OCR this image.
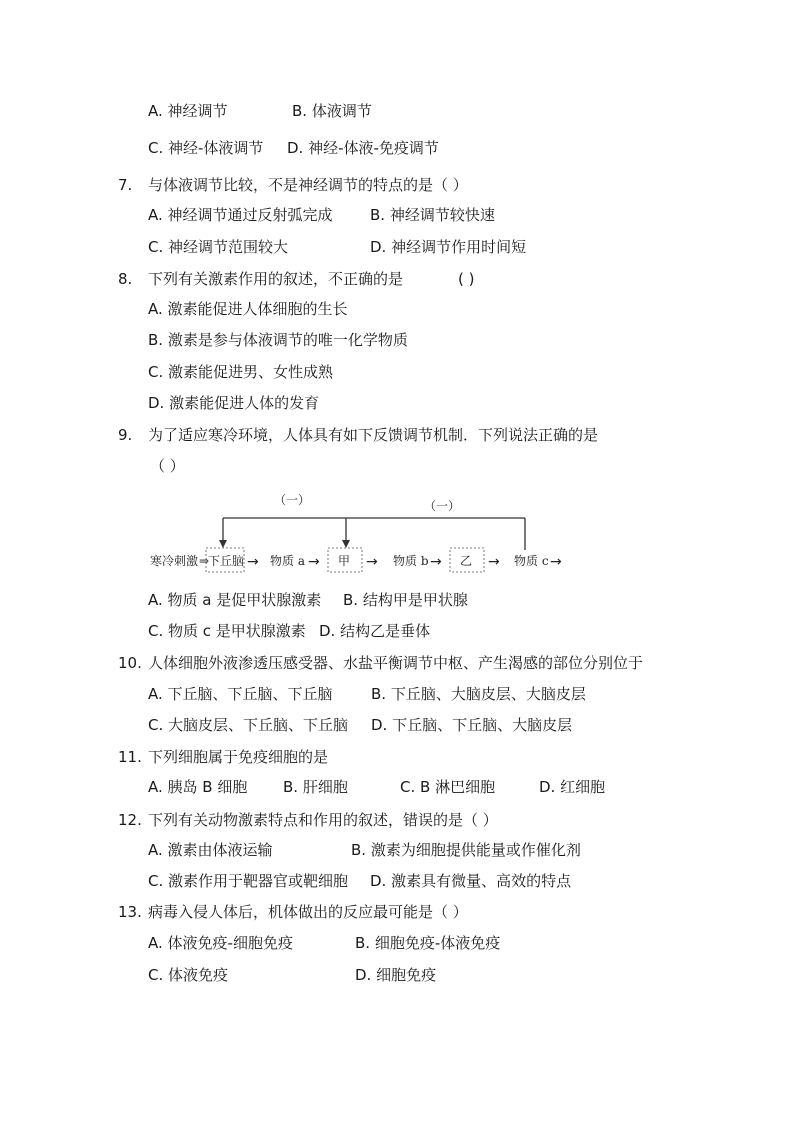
A. 神经调节	B. 体液调节
C. 神经-体液调节 D. 神经-体液-免疫调节
7. 与体液调节比较，不是神经调节的特点的是（ ）
A. 神经调节通过反射弧完成 B. 神经调节较快速
C. 神经调节范围较大	D. 神经调节作用时间短
8. 下列有关激素作用的叙述，不正确的是	( )
A. 激素能促进人体细胞的生长
B. 激素是参与体液调节的唯一化学物质
C. 激素能促进男、女性成熟
D. 激素能促进人体的发育
9. 为了适应寒冷环境，人体具有如下反馈调节机制．下列说法正确的是
（ ）
（一）	（一）
寒冷刺激 ⇒
下丘脑 物质 a	甲	物质 b	乙	物质 c
→	→	→	→	→	→
A. 物质 a 是促甲状腺激素 B. 结构甲是甲状腺
C. 物质 c 是甲状腺激素 D. 结构乙是垂体
10. 人体细胞外液渗透压感受器、水盐平衡调节中枢、产生渴感的部位分别位于
A. 下丘脑、下丘脑、下丘脑	B. 下丘脑、大脑皮层、大脑皮层
C. 大脑皮层、下丘脑、下丘脑 D. 下丘脑、下丘脑、大脑皮层
11. 下列细胞属于免疫细胞的是
A. 胰岛 B 细胞 B. 肝细胞	C. B 淋巴细胞	D. 红细胞
12. 下列有关动物激素特点和作用的叙述，错误的是（ ）
A. 激素由体液运输	B. 激素为细胞提供能量或作催化剂
C. 激素作用于靶器官或靶细胞 D. 激素具有微量、高效的特点
13. 病毒入侵人体后，机体做出的反应最可能是（ ）
A. 体液免疫-细胞免疫	B. 细胞免疫-体液免疫
C. 体液免疫	D. 细胞免疫
